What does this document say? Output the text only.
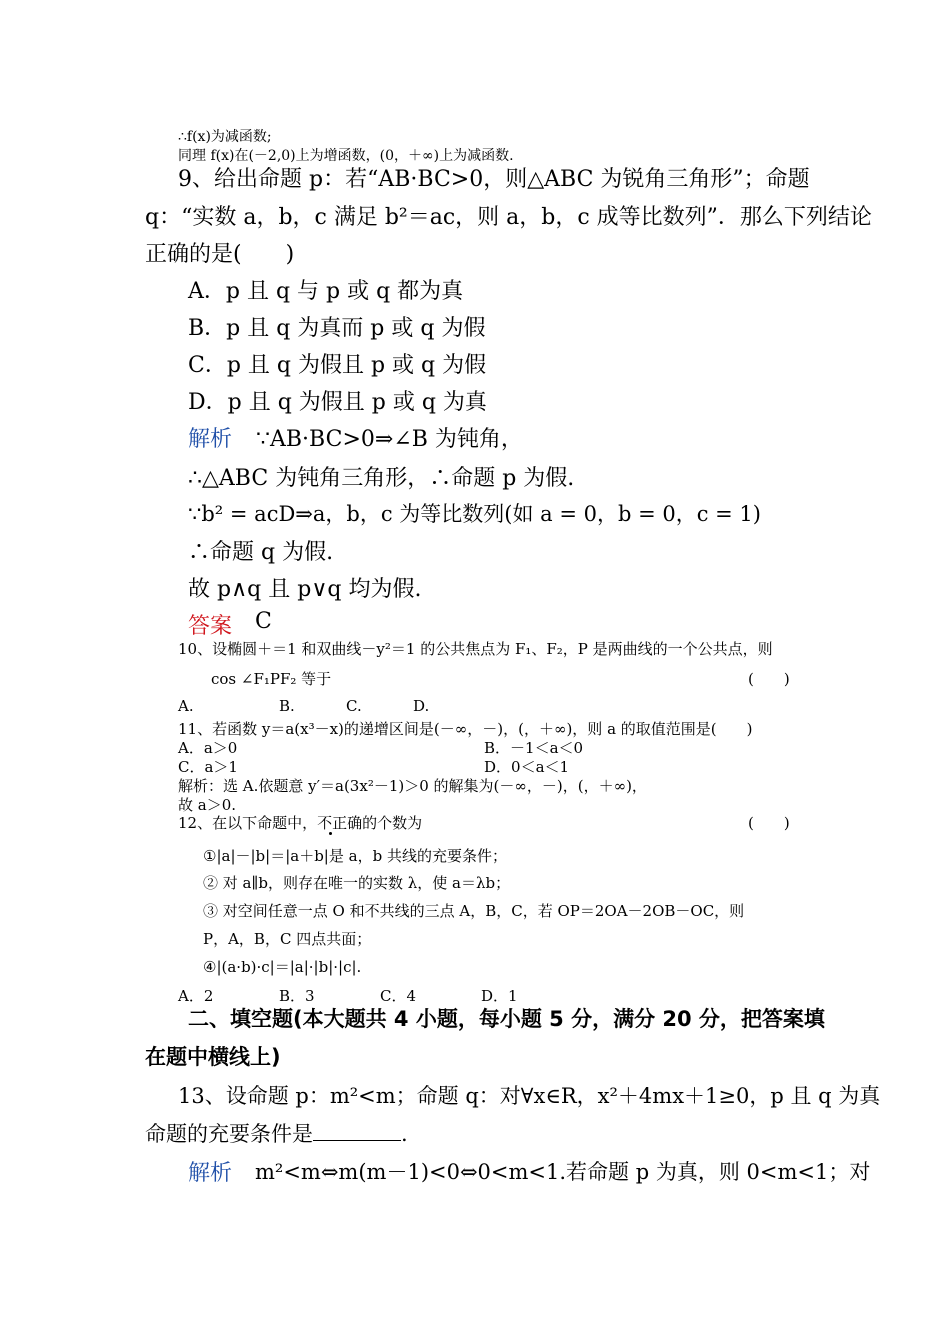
∴f(x)为减函数;
同理 f(x)在(－2,0)上为增函数，(0，＋∞)上为减函数.
9、给出命题 p：若“AB·BC>0，则△ABC 为锐角三角形”；命题
q：“实数 a，b，c 满足 b²＝ac，则 a，b，c 成等比数列”．那么下列结论
正确的是(　　)
A．p 且 q 与 p 或 q 都为真
B．p 且 q 为真而 p 或 q 为假
C．p 且 q 为假且 p 或 q 为假
D．p 且 q 为假且 p 或 q 为真
解析 ∵AB·BC>0⇒∠B 为钝角，
∴△ABC 为钝角三角形，∴命题 p 为假.
∵b² = acD⇒a，b，c 为等比数列(如 a = 0，b = 0，c = 1)
∴命题 q 为假.
故 p∧q 且 p∨q 均为假.
答案 C
10、设椭圆＋＝1 和双曲线－y²＝1 的公共焦点为 F₁、F₂，P 是两曲线的一个公共点，则
cos ∠F₁PF₂ 等于	(　　)
A.	B.	C.	D.
11、若函数 y＝a(x³－x)的递增区间是(－∞，－)，(，＋∞)，则 a 的取值范围是(　　)
A．a＞0	B．－1＜a＜0
C．a＞1	D．0＜a＜1
解析：选 A.依题意 y′＝a(3x²－1)＞0 的解集为(－∞，－)，(，＋∞)，
故 a＞0.
12、在以下命题中，不正确的个数为	(　　)
①|a|－|b|＝|a＋b|是 a，b 共线的充要条件；
② 对 a∥b，则存在唯一的实数 λ，使 a＝λb；
③ 对空间任意一点 O 和不共线的三点 A，B，C，若 OP＝2OA－2OB－OC，则
P，A，B，C 四点共面；
④|(a·b)·c|＝|a|·|b|·|c|.
A．2	B．3	C．4	D．1
二、填空题(本大题共 4 小题，每小题 5 分，满分 20 分，把答案填
在题中横线上)
13、设命题 p：m²<m；命题 q：对∀x∈R，x²＋4mx＋1≥0，p 且 q 为真
命题的充要条件是	.
解析 m²<m⇔m(m－1)<0⇔0<m<1.若命题 p 为真，则 0<m<1；对
